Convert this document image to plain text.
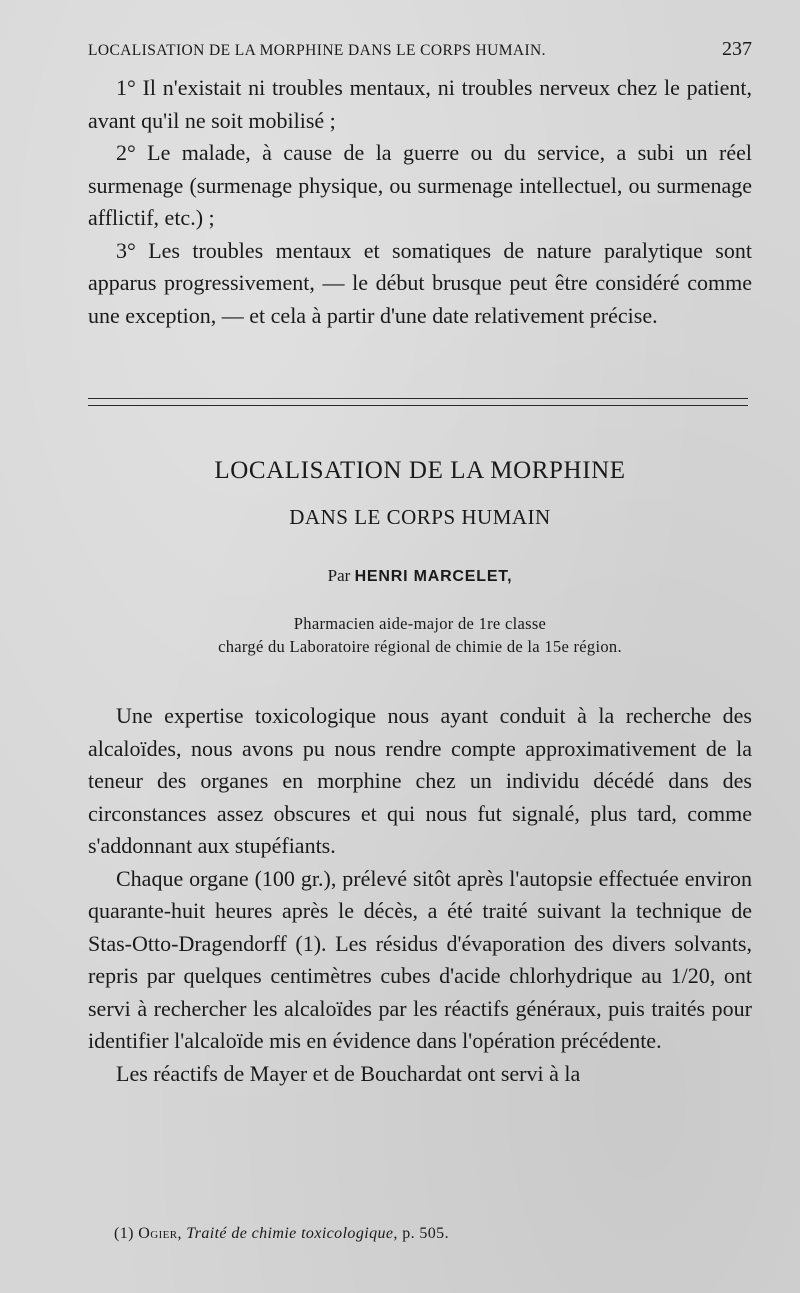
LOCALISATION DE LA MORPHINE DANS LE CORPS HUMAIN.	237

1° Il n'existait ni troubles mentaux, ni troubles nerveux chez le patient, avant qu'il ne soit mobilisé ;

2° Le malade, à cause de la guerre ou du service, a subi un réel surmenage (surmenage physique, ou surmenage intellectuel, ou surmenage afflictif, etc.) ;

3° Les troubles mentaux et somatiques de nature paralytique sont apparus progressivement, — le début brusque peut être considéré comme une exception, — et cela à partir d'une date relativement précise.

LOCALISATION DE LA MORPHINE
DANS LE CORPS HUMAIN
Par HENRI MARCELET,
Pharmacien aide-major de 1re classe
chargé du Laboratoire régional de chimie de la 15e région.

Une expertise toxicologique nous ayant conduit à la recherche des alcaloïdes, nous avons pu nous rendre compte approximativement de la teneur des organes en morphine chez un individu décédé dans des circonstances assez obscures et qui nous fut signalé, plus tard, comme s'addonnant aux stupéfiants.

Chaque organe (100 gr.), prélevé sitôt après l'autopsie effectuée environ quarante-huit heures après le décès, a été traité suivant la technique de Stas-Otto-Dragendorff (1). Les résidus d'évaporation des divers solvants, repris par quelques centimètres cubes d'acide chlorhydrique au 1/20, ont servi à rechercher les alcaloïdes par les réactifs généraux, puis traités pour identifier l'alcaloïde mis en évidence dans l'opération précédente.

Les réactifs de Mayer et de Bouchardat ont servi à la

(1) Ogier, Traité de chimie toxicologique, p. 505.
